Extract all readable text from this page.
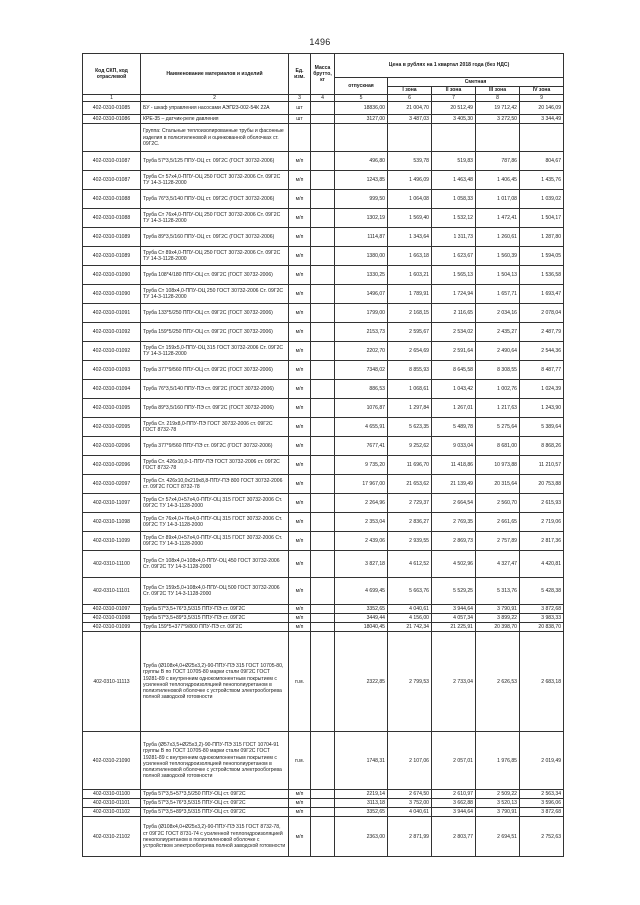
1496
Код СКП, код отраслевой	Наименование материалов и изделий	Ед. изм.	Масса брутто, кг	Цена в рублях на 1 квартал 2018 года (без НДС)				
				отпускная	Сметная			
					I зона	II зона	III зона	IV зона
1	2	3	4	5	6	7	8	9
402-0310-01085	БУ - шкаф управления насосами АЭП23-002-54К 22А	шт		18836,00	21 004,70	20 512,49	19 712,42	20 146,09
402-0310-01086	КРЕ-35 – датчик-реле давления	шт		3127,00	3 487,03	3 405,30	3 272,50	3 344,49
	Группа: Стальные теплоизолированные трубы и фасонные изделия в полиэтиленовой и оцинкованной оболочках ст. 09Г2С.							
402-0310-01087	Труба 57*3,5/125 ППУ-ОЦ ст. 09Г2С (ГОСТ 30732-2006)	м/п		496,80	539,78	519,83	787,86	804,67
402-0310-01087	Труба Ст 57х4,0-ППУ-ОЦ 250 ГОСТ 30732-2006 Ст. 09Г2С ТУ 14-3-1128-2000	м/п		1243,85	1 496,09	1 463,48	1 406,45	1 435,76
402-0310-01088	Труба 76*3,5/140 ППУ-ОЦ ст. 09Г2С (ГОСТ 30732-2006)	м/п		999,50	1 064,08	1 058,33	1 017,08	1 039,02
402-0310-01088	Труба Ст 76х4,0-ППУ-ОЦ 250 ГОСТ 30732-2006 Ст. 09Г2С ТУ 14-3-1128-2000	м/п		1302,19	1 569,40	1 532,12	1 472,41	1 504,17
402-0310-01089	Труба 89*3,5/160 ППУ-ОЦ ст. 09Г2С (ГОСТ 30732-2006)	м/п		1114,87	1 343,64	1 311,73	1 260,61	1 287,80
402-0310-01089	Труба Ст 89х4,0-ППУ-ОЦ 250 ГОСТ 30732-2006 Ст. 09Г2С ТУ 14-3-1128-2000	м/п		1380,00	1 663,18	1 623,67	1 560,39	1 594,05
402-0310-01090	Труба 108*4/180 ППУ-ОЦ ст. 09Г2С (ГОСТ 30732-2006)	м/п		1330,25	1 603,21	1 565,13	1 504,13	1 536,58
402-0310-01090	Труба Ст 108х4,0-ППУ-ОЦ 250 ГОСТ 30732-2006 Ст. 09Г2С ТУ 14-3-1128-2000	м/п		1496,07	1 789,91	1 724,94	1 657,71	1 693,47
402-0310-01091	Труба 133*5/250 ППУ-ОЦ ст. 09Г2С (ГОСТ 30732-2006)	м/п		1799,00	2 168,15	2 116,65	2 034,16	2 078,04
402-0310-01092	Труба 159*5/250 ППУ-ОЦ ст. 09Г2С (ГОСТ 30732-2006)	м/п		2153,73	2 595,67	2 534,02	2 435,27	2 487,79
402-0310-01092	Труба Ст 159х5,0-ППУ-ОЦ 315 ГОСТ 30732-2006 Ст. 09Г2С ТУ 14-3-1128-2000	м/п		2202,70	2 654,69	2 591,64	2 490,64	2 544,36
402-0310-01093	Труба 377*9/560 ППУ-ОЦ ст. 09Г2С (ГОСТ 30732-2006)	м/п		7348,02	8 855,93	8 645,58	8 308,55	8 487,77
402-0310-01094	Труба 76*3,5/140 ППУ-ПЭ ст. 09Г2С (ГОСТ 30732-2006)	м/п		886,53	1 068,61	1 043,42	1 002,76	1 024,39
402-0310-01095	Труба 89*3,5/160 ППУ-ПЭ ст. 09Г2С (ГОСТ 30732-2006)	м/п		1076,87	1 297,84	1 267,01	1 217,63	1 243,90
402-0310-02095	Труба Ст. 219х8,0-ППУ-ПЭ ГОСТ 30732-2006 ст. 09Г2С ГОСТ 8732-78	м/п		4 655,91	5 623,35	5 489,78	5 275,64	5 389,64
402-0310-02096	Труба 377*9/560 ППУ-ПЭ ст. 09Г2С (ГОСТ 30732-2006)	м/п		7677,41	9 252,62	9 033,04	8 681,00	8 868,26
402-0310-02096	Труба Ст. 426х10,0-1-ППУ-ПЭ ГОСТ 30732-2006 ст. 09Г2С ГОСТ 8732-78	м/п		9 735,20	11 696,70	11 418,86	10 973,88	11 210,57
402-0310-02097	Труба Ст. 426х10,0х219х8,8-ППУ-ПЭ 800 ГОСТ 30732-2006 ст. 09Г2С ГОСТ 8732-78	м/п		17 967,00	21 653,62	21 139,49	20 315,64	20 753,88
402-0310-11097	Труба Ст 57х4,0+57х4,0-ППУ-ОЦ 315 ГОСТ 30732-2006 Ст. 09Г2С ТУ 14-3-1128-2000	м/п		2 264,96	2 729,37	2 664,54	2 560,70	2 615,93
402-0310-11098	Труба Ст 76х4,0+76х4,0-ППУ-ОЦ 315 ГОСТ 30732-2006 Ст. 09Г2С ТУ 14-3-1128-2000	м/п		2 353,04	2 836,27	2 769,35	2 661,65	2 719,06
402-0310-11099	Труба Ст 89х4,0+57х4,0-ППУ-ОЦ 315 ГОСТ 30732-2006 Ст. 09Г2С ТУ 14-3-1128-2000	м/п		2 439,06	2 939,55	2 869,73	2 757,89	2 817,36
402-0310-11100	Труба Ст 108х4,0+108х4,0-ППУ-ОЦ 450 ГОСТ 30732-2006 Ст. 09Г2С ТУ 14-3-1128-2000	м/п		3 827,18	4 612,52	4 502,96	4 327,47	4 420,81
402-0310-11101	Труба Ст 159х5,0+108х4,0-ППУ-ОЦ 500 ГОСТ 30732-2006 Ст. 09Г2С ТУ 14-3-1128-2000	м/п		4 699,45	5 663,76	5 529,25	5 313,76	5 428,38
402-0310-01097	Труба 57*3,5+76*3,5/315 ППУ-ПЭ ст. 09Г2С	м/п		3352,65	4 040,61	3 944,64	3 790,91	3 872,68
402-0310-01098	Труба 57*3,5+89*3,5/315 ППУ-ПЭ ст. 09Г2С	м/п		3449,44	4 156,00	4 057,34	3 899,22	3 983,33
402-0310-01099	Труба 159*5+377*9/800 ППУ-ПЭ ст. 09Г2С	м/п		18040,45	21 742,34	21 225,91	20 398,70	20 838,70
402-0310-11113	Труба (Ø108х4,0+Ø25х3,2)-90-ППУ-ПЭ 315 ГОСТ 10705-80, группы В по ГОСТ 10705-80 марки стали 09Г2С ГОСТ 19281-89 с внутренним однокомпонентным покрытием с усиленной теплогидроизоляцией пенополиуретаном в полиэтиленовой оболочке с устройством электрообогрева полной заводской готовности	п.м.		2322,85	2 799,53	2 733,04	2 626,53	2 683,18
402-0310-21090	Труба (Ø57х3,5+Ø25х3,2)-90-ППУ-ПЭ 315 ГОСТ 10704-91 группы В по ГОСТ 10705-80 марки стали 09Г2С ГОСТ 19281-89 с внутренним однокомпонентным покрытием с усиленной теплогидроизоляцией пенополиуретаном в полиэтиленовой оболочке с устройством электрообогрева полной заводской готовности	п.м.		1748,31	2 107,06	2 057,01	1 976,85	2 019,49
402-0310-01100	Труба 57*3,5+57*3,5/250 ППУ-ОЦ ст. 09Г2С	м/п		2219,14	2 674,50	2 610,97	2 509,22	2 563,34
402-0310-01101	Труба 57*3,5+76*3,5/315 ППУ-ОЦ ст. 09Г2С	м/п		3113,18	3 752,00	3 662,88	3 520,13	3 596,06
402-0310-01102	Труба 57*3,5+89*3,5/315 ППУ-ОЦ ст. 09Г2С	м/п		3352,65	4 040,61	3 944,64	3 790,91	3 872,68
402-0310-21102	Труба (Ø108х4,0+Ø25х3,2)-90-ППУ-ПЭ 315 ГОСТ 8732-78, ст 09Г2С ГОСТ 8731-74 с усиленной теплогидроизоляцией пенополиуретаном в полиэтиленовой оболочке с устройством электрообогрева полной заводской готовности	м/п		2363,00	2 871,99	2 803,77	2 694,51	2 752,63
